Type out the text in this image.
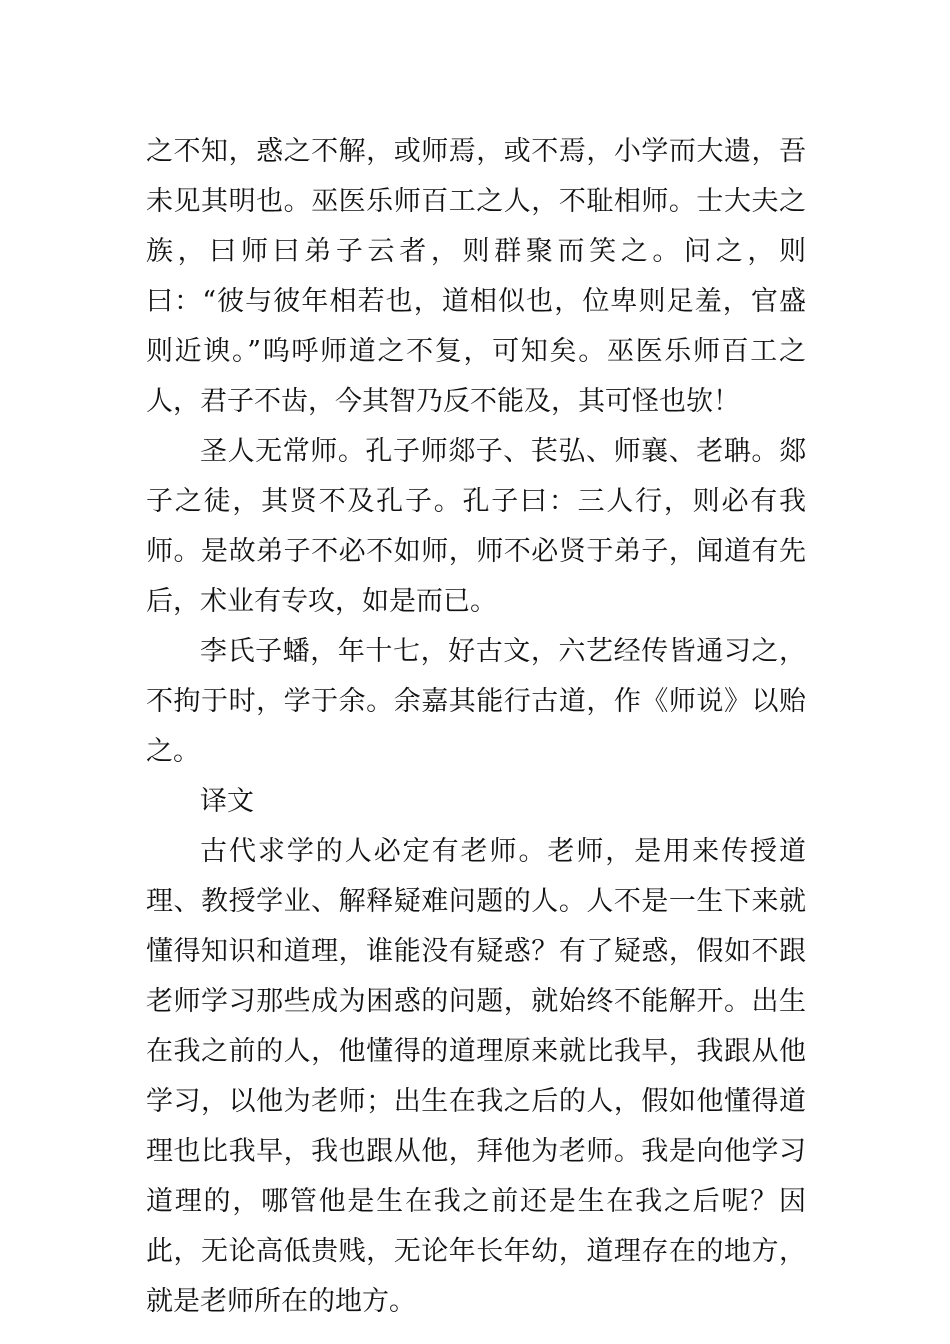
之不知，惑之不解，或师焉，或不焉，小学而大遗，吾未见其明也。巫医乐师百工之人，不耻相师。士大夫之族，曰师曰弟子云者，则群聚而笑之。问之，则曰：“彼与彼年相若也，道相似也，位卑则足羞，官盛则近谀。”呜呼师道之不复，可知矣。巫医乐师百工之人，君子不齿，今其智乃反不能及，其可怪也欤！

圣人无常师。孔子师郯子、苌弘、师襄、老聃。郯子之徒，其贤不及孔子。孔子曰：三人行，则必有我师。是故弟子不必不如师，师不必贤于弟子，闻道有先后，术业有专攻，如是而已。

李氏子蟠，年十七，好古文，六艺经传皆通习之，不拘于时，学于余。余嘉其能行古道，作《师说》以贻之。

译文

古代求学的人必定有老师。老师，是用来传授道理、教授学业、解释疑难问题的人。人不是一生下来就懂得知识和道理，谁能没有疑惑？有了疑惑，假如不跟老师学习那些成为困惑的问题，就始终不能解开。出生在我之前的人，他懂得的道理原来就比我早，我跟从他学习，以他为老师；出生在我之后的人，假如他懂得道理也比我早，我也跟从他，拜他为老师。我是向他学习道理的，哪管他是生在我之前还是生在我之后呢？因此，无论高低贵贱，无论年长年幼，道理存在的地方，就是老师所在的地方。
